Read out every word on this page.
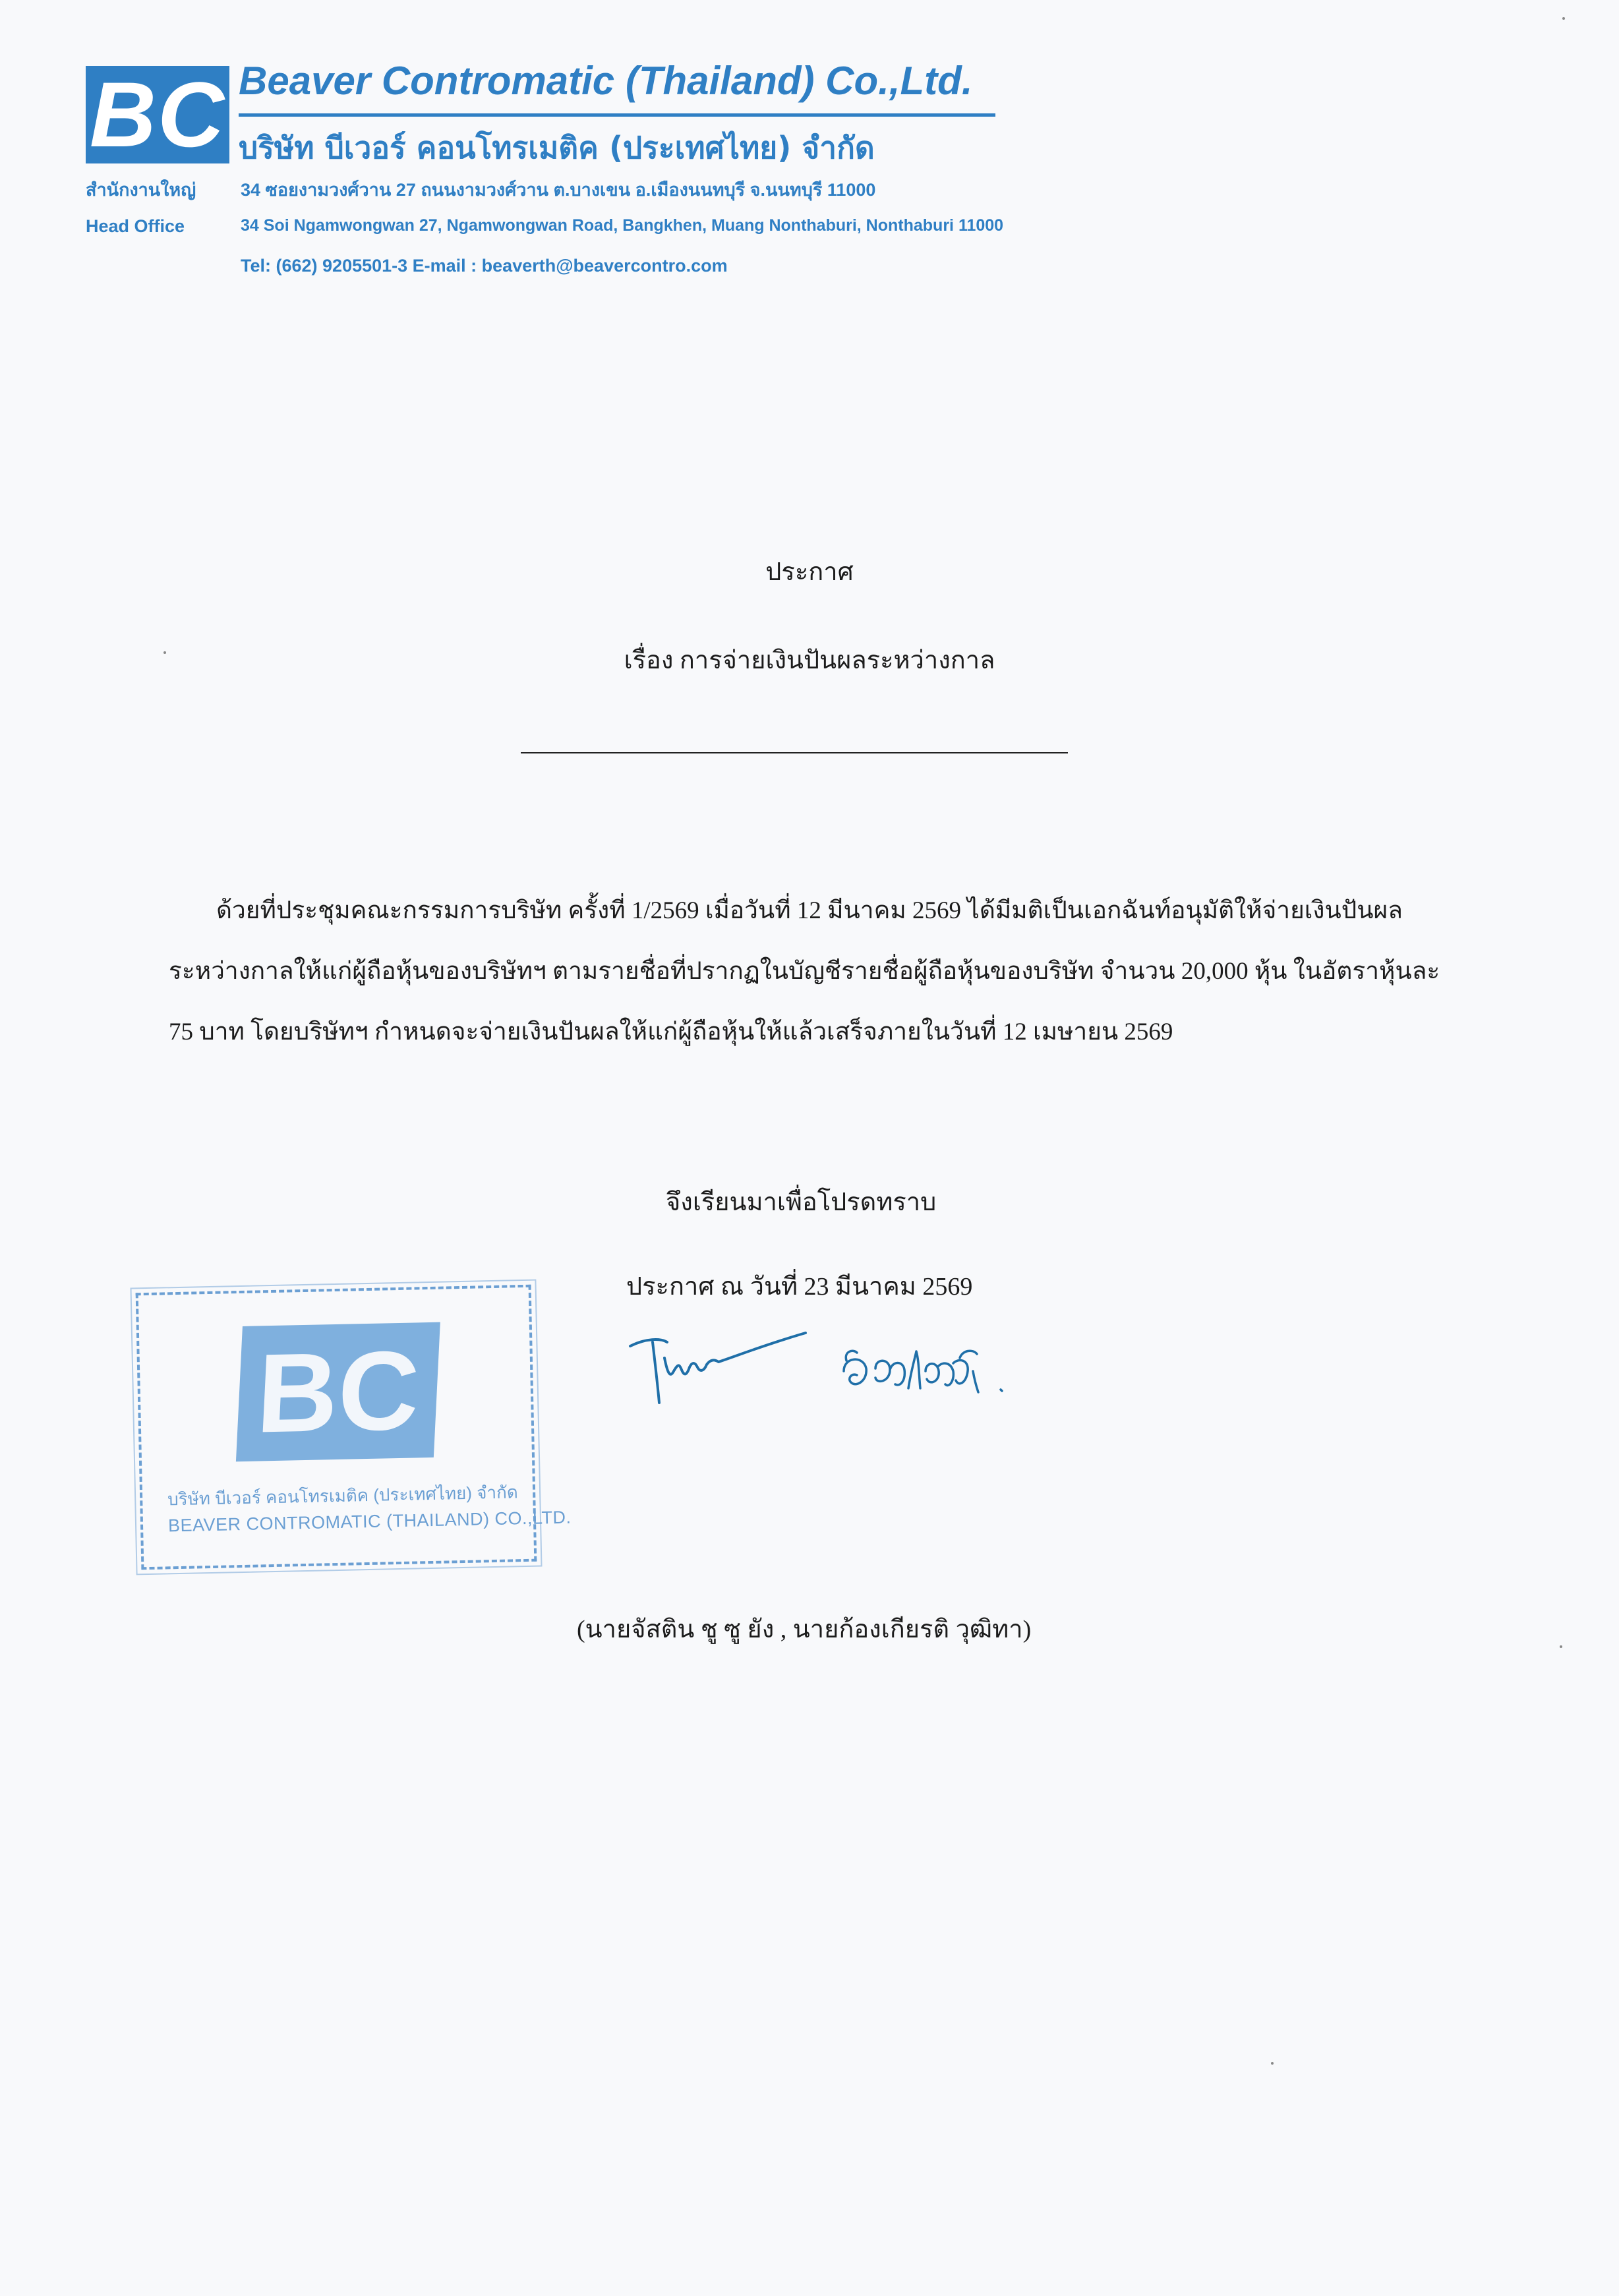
BC Beaver Contromatic (Thailand) Co.,Ltd.
บริษัท บีเวอร์ คอนโทรเมติค (ประเทศไทย) จำกัด
สำนักงานใหญ่
Head Office
34 ซอยงามวงศ์วาน 27 ถนนงามวงศ์วาน ต.บางเขน อ.เมืองนนทบุรี จ.นนทบุรี 11000
34 Soi Ngamwongwan 27, Ngamwongwan Road, Bangkhen, Muang Nonthaburi, Nonthaburi 11000
Tel: (662) 9205501-3 E-mail : beaverth@beavercontro.com
ประกาศ
เรื่อง การจ่ายเงินปันผลระหว่างกาล

ด้วยที่ประชุมคณะกรรมการบริษัท ครั้งที่ 1/2569 เมื่อวันที่ 12 มีนาคม 2569 ได้มีมติเป็นเอกฉันท์อนุมัติให้จ่ายเงินปันผล

ระหว่างกาลให้แก่ผู้ถือหุ้นของบริษัทฯ ตามรายชื่อที่ปรากฏในบัญชีรายชื่อผู้ถือหุ้นของบริษัท จำนวน 20,000 หุ้น ในอัตราหุ้นละ

75 บาท โดยบริษัทฯ กำหนดจะจ่ายเงินปันผลให้แก่ผู้ถือหุ้นให้แล้วเสร็จภายในวันที่ 12 เมษายน 2569

จึงเรียนมาเพื่อโปรดทราบ
ประกาศ ณ วันที่ 23 มีนาคม 2569
BC
บริษัท บีเวอร์ คอนโทรเมติค (ประเทศไทย) จำกัด
BEAVER CONTROMATIC (THAILAND) CO.,LTD.
(นายจัสติน ชู ซู ยัง , นายก้องเกียรติ วุฒิทา)
